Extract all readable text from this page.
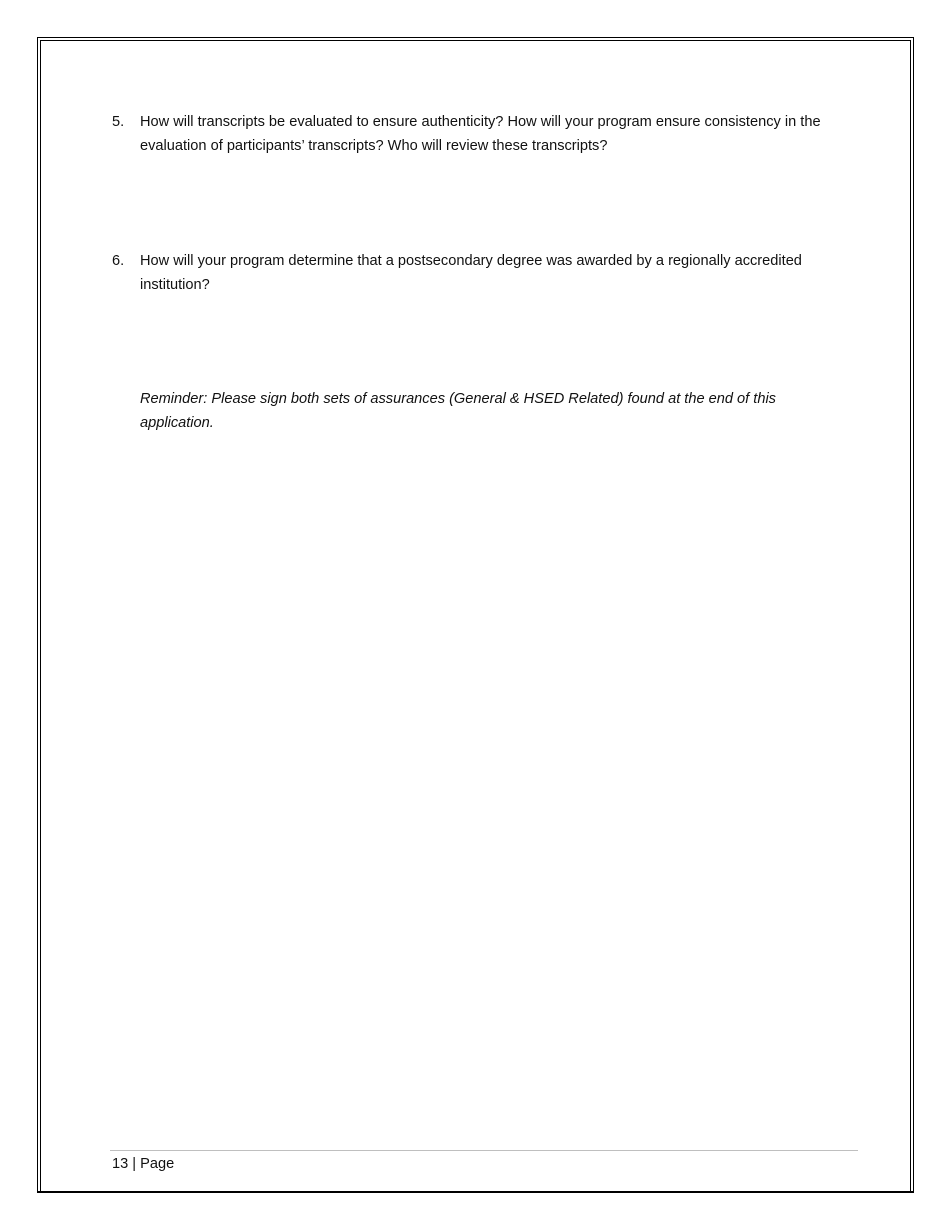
5. How will transcripts be evaluated to ensure authenticity? How will your program ensure consistency in the evaluation of participants’ transcripts? Who will review these transcripts?
6. How will your program determine that a postsecondary degree was awarded by a regionally accredited institution?
Reminder: Please sign both sets of assurances (General & HSED Related) found at the end of this application.
13 | Page
